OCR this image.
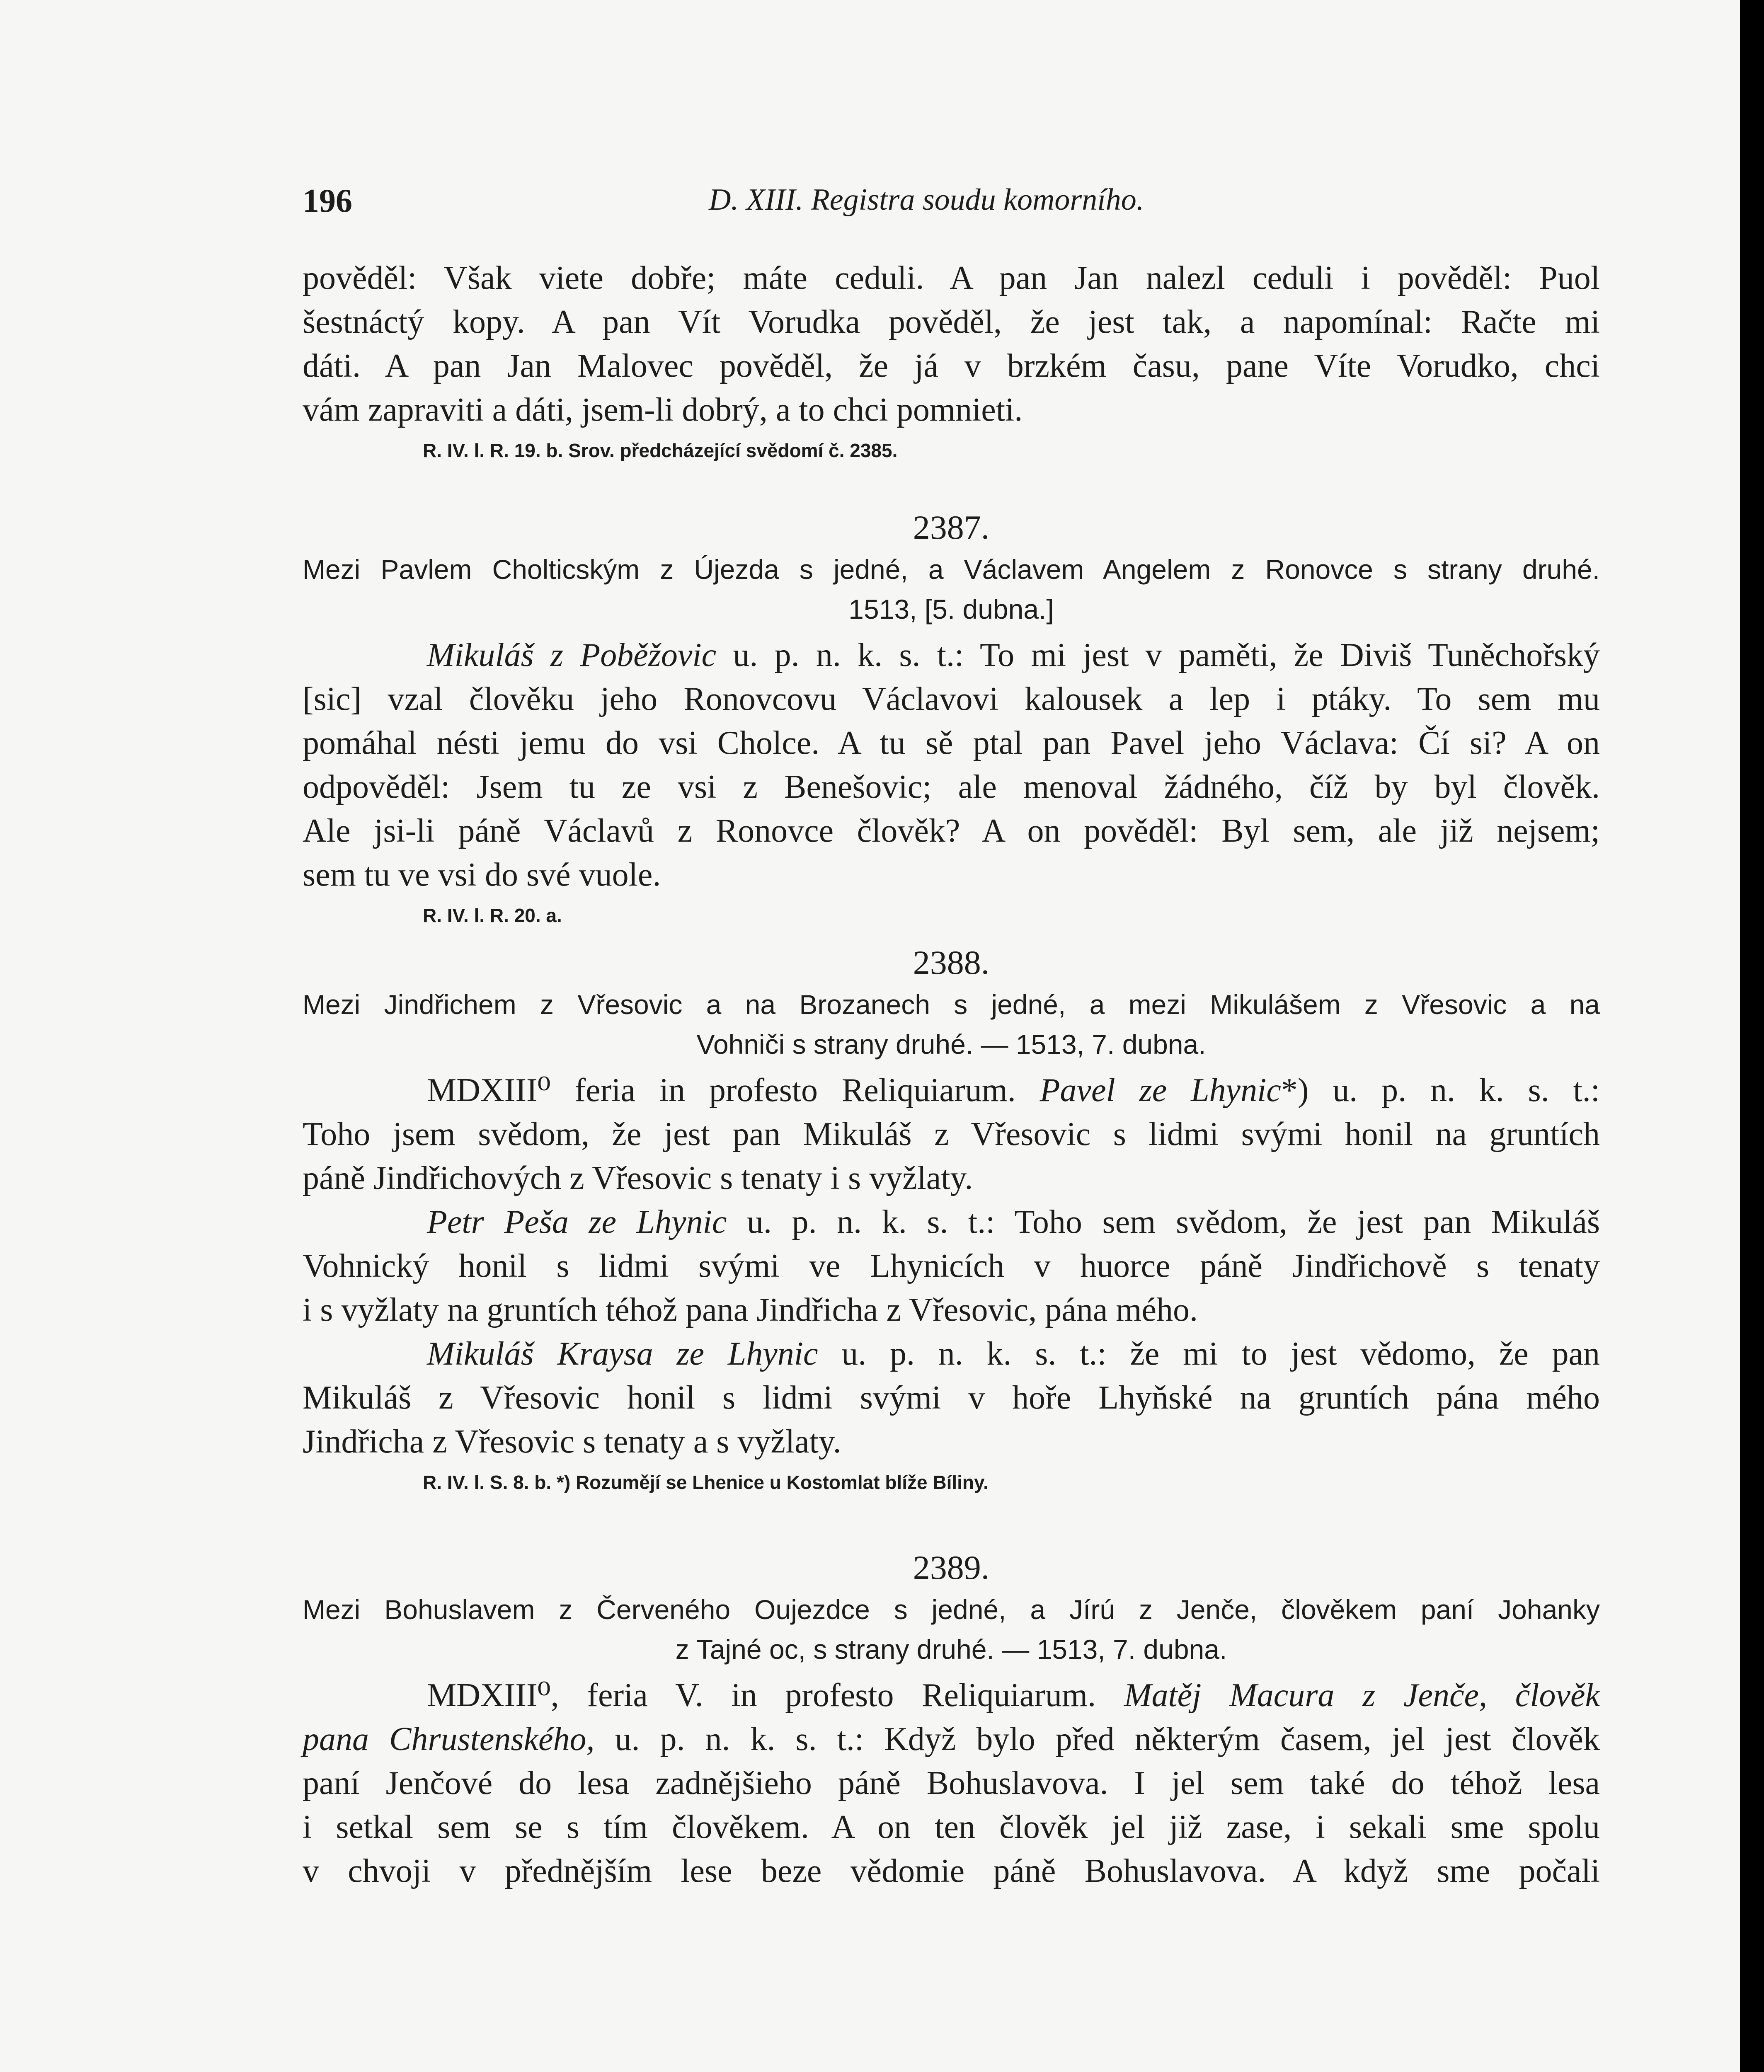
196	D. XIII. Registra soudu komorního.
pověděl: Však viete dobře; máte ceduli. A pan Jan nalezl ceduli i pověděl: Puol
šestnáctý kopy. A pan Vít Vorudka pověděl, že jest tak, a napomínal: Račte mi
dáti. A pan Jan Malovec pověděl, že já v brzkém času, pane Víte Vorudko, chci
vám zapraviti a dáti, jsem-li dobrý, a to chci pomnieti.
R. IV. l. R. 19. b. Srov. předcházející svědomí č. 2385.
2387.
Mezi Pavlem Cholticským z Újezda s jedné, a Václavem Angelem z Ronovce s strany druhé.
1513, [5. dubna.]
Mikuláš z Poběžovic u. p. n. k. s. t.: To mi jest v paměti, že Diviš Tuněchořský
[sic] vzal člověku jeho Ronovcovu Václavovi kalousek a lep i ptáky. To sem mu
pomáhal nésti jemu do vsi Cholce. A tu sě ptal pan Pavel jeho Václava: Čí si? A on
odpověděl: Jsem tu ze vsi z Benešovic; ale menoval žádného, číž by byl člověk.
Ale jsi-li páně Václavů z Ronovce člověk? A on pověděl: Byl sem, ale již nejsem;
sem tu ve vsi do své vuole.
R. IV. l. R. 20. a.
2388.
Mezi Jindřichem z Vřesovic a na Brozanech s jedné, a mezi Mikulášem z Vřesovic a na
Vohniči s strany druhé. — 1513, 7. dubna.
MDXIII⁰ feria in profesto Reliquiarum. Pavel ze Lhynic*) u. p. n. k. s. t.:
Toho jsem svědom, že jest pan Mikuláš z Vřesovic s lidmi svými honil na gruntích
páně Jindřichových z Vřesovic s tenaty i s vyžlaty.
Petr Peša ze Lhynic u. p. n. k. s. t.: Toho sem svědom, že jest pan Mikuláš
Vohnický honil s lidmi svými ve Lhynicích v huorce páně Jindřichově s tenaty
i s vyžlaty na gruntích téhož pana Jindřicha z Vřesovic, pána mého.
Mikuláš Kraysa ze Lhynic u. p. n. k. s. t.: že mi to jest vědomo, že pan
Mikuláš z Vřesovic honil s lidmi svými v hoře Lhyňské na gruntích pána mého
Jindřicha z Vřesovic s tenaty a s vyžlaty.
R. IV. l. S. 8. b. *) Rozumějí se Lhenice u Kostomlat blíže Bíliny.
2389.
Mezi Bohuslavem z Červeného Oujezdce s jedné, a Jírú z Jenče, člověkem paní Johanky
z Tajné oc, s strany druhé. — 1513, 7. dubna.
MDXIII⁰, feria V. in profesto Reliquiarum. Matěj Macura z Jenče, člověk
pana Chrustenského, u. p. n. k. s. t.: Když bylo před některým časem, jel jest člověk
paní Jenčové do lesa zadnějšieho páně Bohuslavova. I jel sem také do téhož lesa
i setkal sem se s tím člověkem. A on ten člověk jel již zase, i sekali sme spolu
v chvoji v přednějším lese beze vědomie páně Bohuslavova. A když sme počali
